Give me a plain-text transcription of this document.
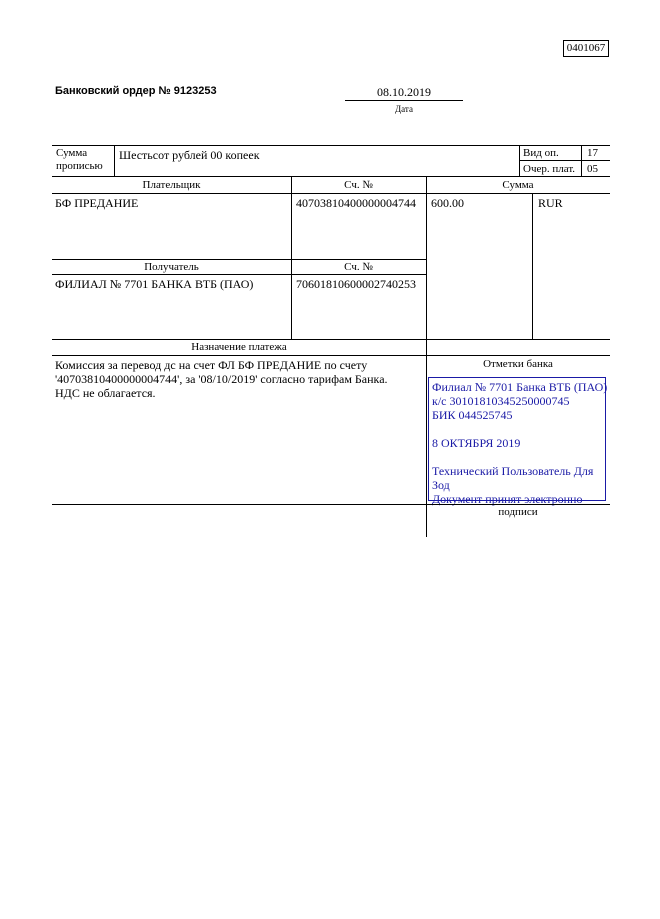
0401067
Банковский ордер № 9123253	08.10.2019
Дата
Сумма
прописью
Шестьсот рублей 00 копеек	Вид оп.	17
Очер. плат. 05
Плательщик	Сч. №	Сумма
БФ ПРЕДАНИЕ	40703810400000004744 600.00	RUR
Получатель	Сч. №
ФИЛИАЛ № 7701 БАНКА ВТБ (ПАО)	70601810600002740253
Назначение платежа
Комиссия за перевод дс на счет ФЛ БФ ПРЕДАНИЕ по счету
'40703810400000004744', за '08/10/2019' согласно тарифам Банка.
НДС не облагается.
Отметки банка
Филиал № 7701 Банка ВТБ (ПАО)
к/с 30101810345250000745
БИК 044525745
8 ОКТЯБРЯ 2019
Технический Пользователь Для
Зод
Документ принят электронно
подписи
